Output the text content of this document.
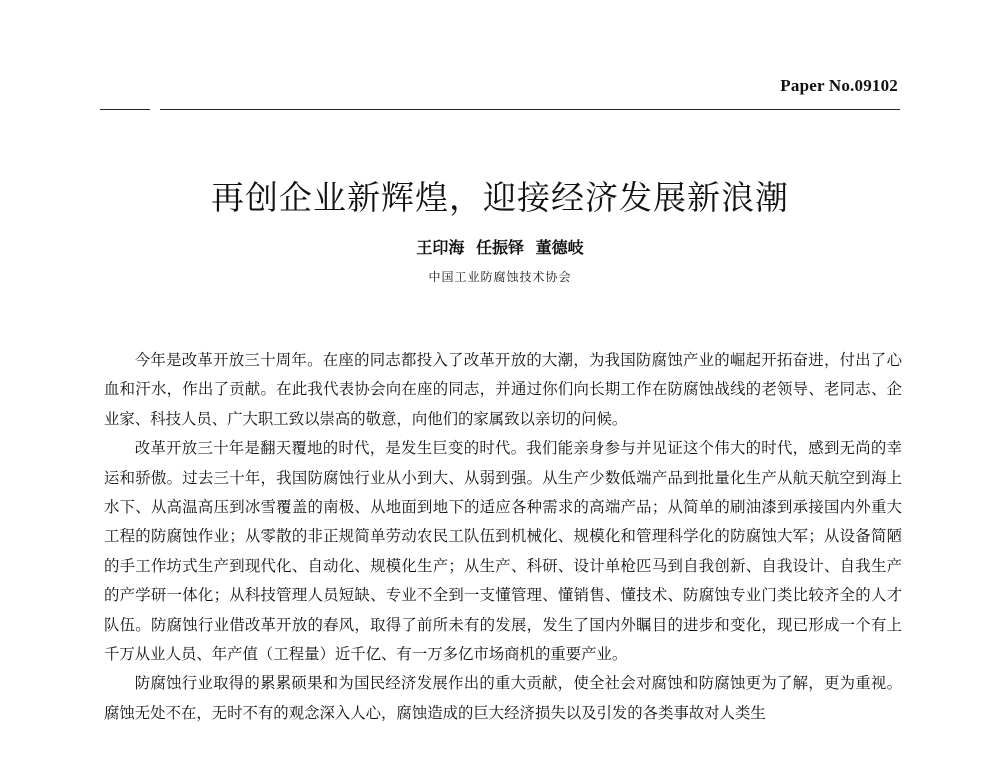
Paper No.09102
再创企业新辉煌，迎接经济发展新浪潮
王印海 任振铎 董德岐
中国工业防腐蚀技术协会

今年是改革开放三十周年。在座的同志都投入了改革开放的大潮，为我国防腐蚀产业的崛起开拓奋进，付出了心血和汗水，作出了贡献。在此我代表协会向在座的同志，并通过你们向长期工作在防腐蚀战线的老领导、老同志、企业家、科技人员、广大职工致以崇高的敬意，向他们的家属致以亲切的问候。

改革开放三十年是翻天覆地的时代，是发生巨变的时代。我们能亲身参与并见证这个伟大的时代，感到无尚的幸运和骄傲。过去三十年，我国防腐蚀行业从小到大、从弱到强。从生产少数低端产品到批量化生产从航天航空到海上水下、从高温高压到冰雪覆盖的南极、从地面到地下的适应各种需求的高端产品；从简单的刷油漆到承接国内外重大工程的防腐蚀作业；从零散的非正规简单劳动农民工队伍到机械化、规模化和管理科学化的防腐蚀大军；从设备简陋的手工作坊式生产到现代化、自动化、规模化生产；从生产、科研、设计单枪匹马到自我创新、自我设计、自我生产的产学研一体化；从科技管理人员短缺、专业不全到一支懂管理、懂销售、懂技术、防腐蚀专业门类比较齐全的人才队伍。防腐蚀行业借改革开放的春风，取得了前所未有的发展，发生了国内外瞩目的进步和变化，现已形成一个有上千万从业人员、年产值（工程量）近千亿、有一万多亿市场商机的重要产业。

防腐蚀行业取得的累累硕果和为国民经济发展作出的重大贡献，使全社会对腐蚀和防腐蚀更为了解，更为重视。腐蚀无处不在，无时不有的观念深入人心，腐蚀造成的巨大经济损失以及引发的各类事故对人类生
